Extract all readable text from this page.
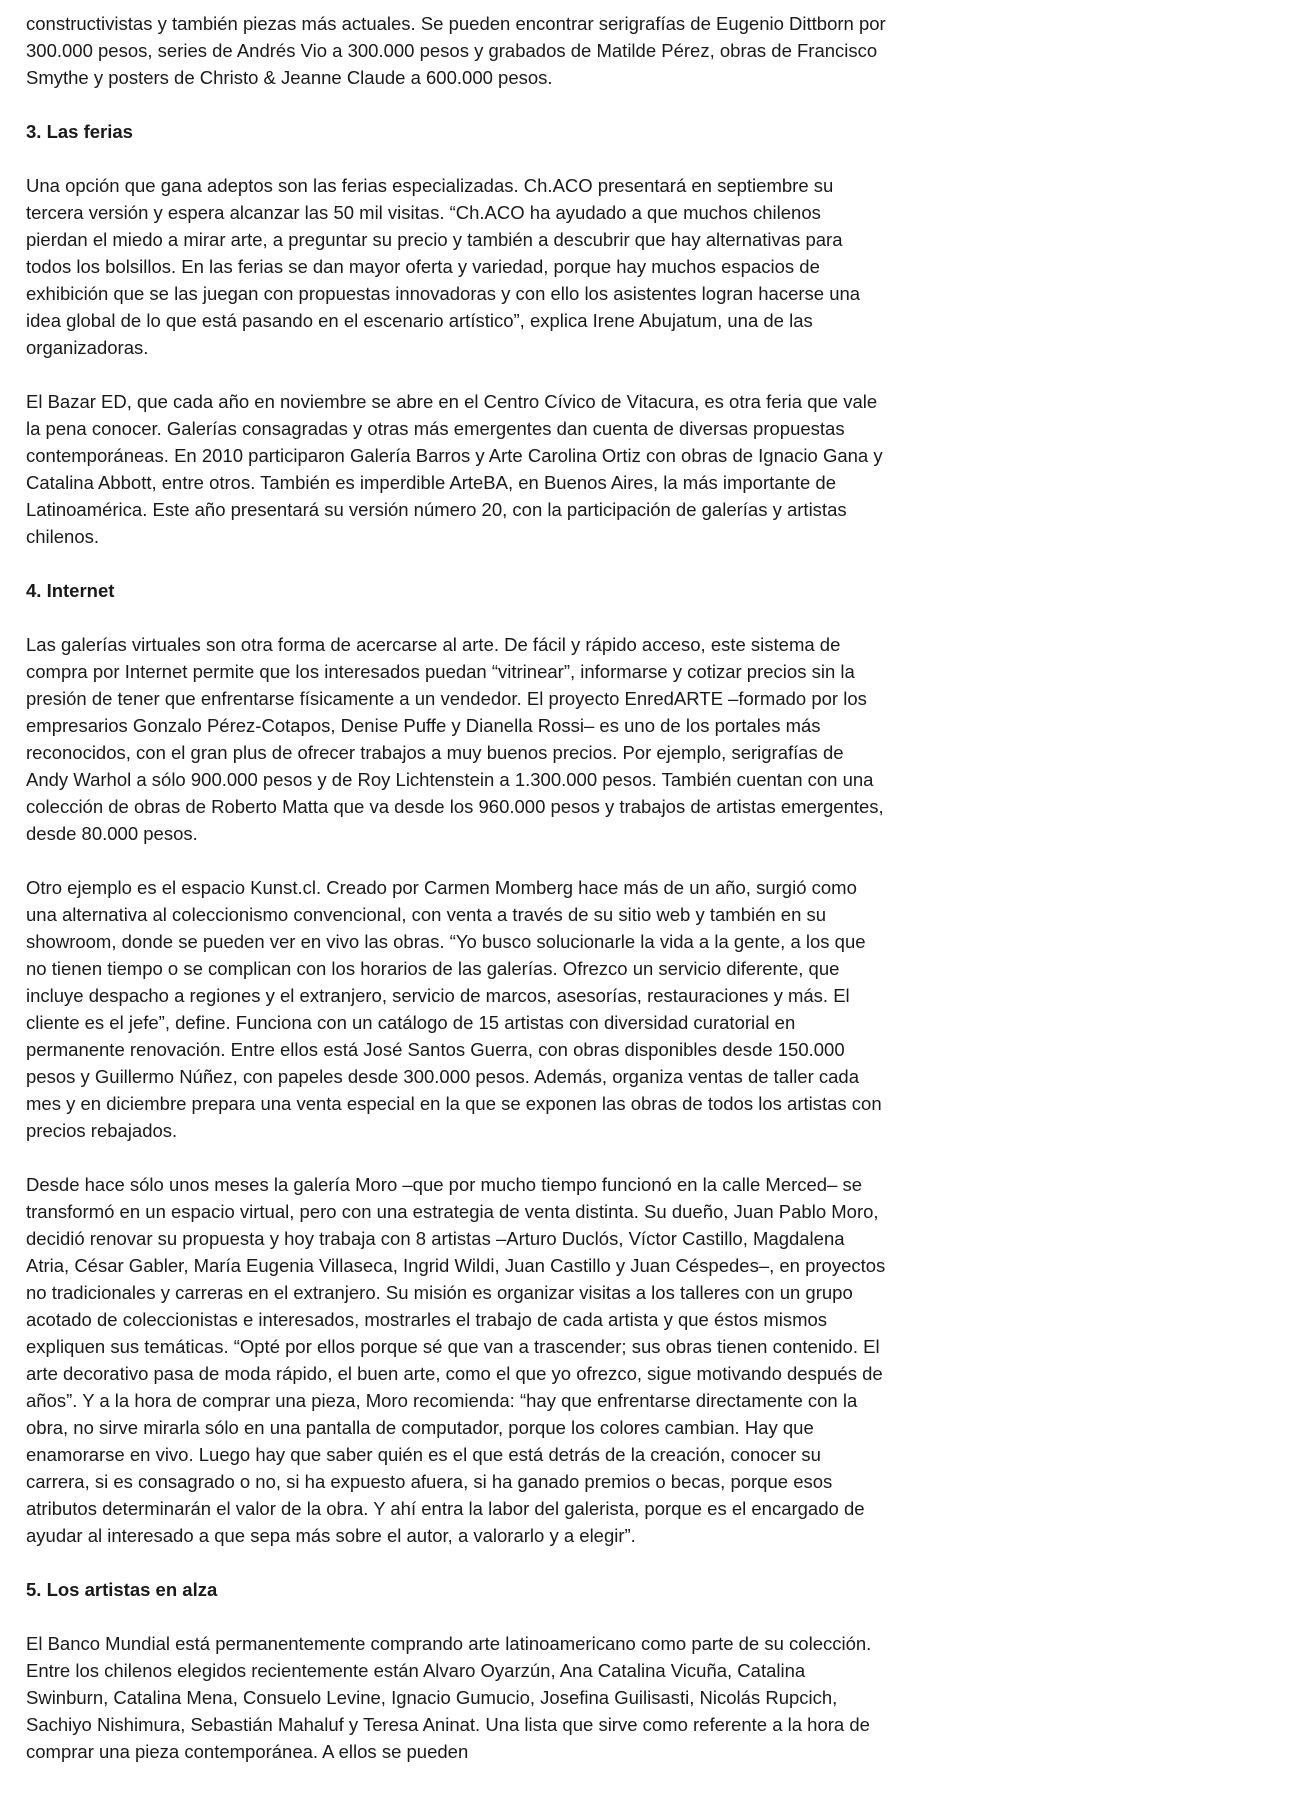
constructivistas y también piezas más actuales. Se pueden encontrar serigrafías de Eugenio Dittborn por 300.000 pesos, series de Andrés Vio a 300.000 pesos y grabados de Matilde Pérez, obras de Francisco Smythe y posters de Christo & Jeanne Claude a 600.000 pesos.

3. Las ferias

Una opción que gana adeptos son las ferias especializadas. Ch.ACO presentará en septiembre su tercera versión y espera alcanzar las 50 mil visitas. “Ch.ACO ha ayudado a que muchos chilenos pierdan el miedo a mirar arte, a preguntar su precio y también a descubrir que hay alternativas para todos los bolsillos. En las ferias se dan mayor oferta y variedad, porque hay muchos espacios de exhibición que se las juegan con propuestas innovadoras y con ello los asistentes logran hacerse una idea global de lo que está pasando en el escenario artístico”, explica Irene Abujatum, una de las organizadoras.

El Bazar ED, que cada año en noviembre se abre en el Centro Cívico de Vitacura, es otra feria que vale la pena conocer. Galerías consagradas y otras más emergentes dan cuenta de diversas propuestas contemporáneas. En 2010 participaron Galería Barros y Arte Carolina Ortiz con obras de Ignacio Gana y Catalina Abbott, entre otros. También es imperdible ArteBA, en Buenos Aires, la más importante de Latinoamérica. Este año presentará su versión número 20, con la participación de galerías y artistas chilenos.

4. Internet

Las galerías virtuales son otra forma de acercarse al arte. De fácil y rápido acceso, este sistema de compra por Internet permite que los interesados puedan “vitrinear”, informarse y cotizar precios sin la presión de tener que enfrentarse físicamente a un vendedor. El proyecto EnredARTE –formado por los empresarios Gonzalo Pérez-Cotapos, Denise Puffe y Dianella Rossi– es uno de los portales más reconocidos, con el gran plus de ofrecer trabajos a muy buenos precios. Por ejemplo, serigrafías de Andy Warhol a sólo 900.000 pesos y de Roy Lichtenstein a 1.300.000 pesos. También cuentan con una colección de obras de Roberto Matta que va desde los 960.000 pesos y trabajos de artistas emergentes, desde 80.000 pesos.

Otro ejemplo es el espacio Kunst.cl. Creado por Carmen Momberg hace más de un año, surgió como una alternativa al coleccionismo convencional, con venta a través de su sitio web y también en su showroom, donde se pueden ver en vivo las obras. “Yo busco solucionarle la vida a la gente, a los que no tienen tiempo o se complican con los horarios de las galerías. Ofrezco un servicio diferente, que incluye despacho a regiones y el extranjero, servicio de marcos, asesorías, restauraciones y más. El cliente es el jefe”, define. Funciona con un catálogo de 15 artistas con diversidad curatorial en permanente renovación. Entre ellos está José Santos Guerra, con obras disponibles desde 150.000 pesos y Guillermo Núñez, con papeles desde 300.000 pesos. Además, organiza ventas de taller cada mes y en diciembre prepara una venta especial en la que se exponen las obras de todos los artistas con precios rebajados.

Desde hace sólo unos meses la galería Moro –que por mucho tiempo funcionó en la calle Merced– se transformó en un espacio virtual, pero con una estrategia de venta distinta. Su dueño, Juan Pablo Moro, decidió renovar su propuesta y hoy trabaja con 8 artistas –Arturo Duclós, Víctor Castillo, Magdalena Atria, César Gabler, María Eugenia Villaseca, Ingrid Wildi, Juan Castillo y Juan Céspedes–, en proyectos no tradicionales y carreras en el extranjero. Su misión es organizar visitas a los talleres con un grupo acotado de coleccionistas e interesados, mostrarles el trabajo de cada artista y que éstos mismos expliquen sus temáticas. “Opté por ellos porque sé que van a trascender; sus obras tienen contenido. El arte decorativo pasa de moda rápido, el buen arte, como el que yo ofrezco, sigue motivando después de años”. Y a la hora de comprar una pieza, Moro recomienda: “hay que enfrentarse directamente con la obra, no sirve mirarla sólo en una pantalla de computador, porque los colores cambian. Hay que enamorarse en vivo. Luego hay que saber quién es el que está detrás de la creación, conocer su carrera, si es consagrado o no, si ha expuesto afuera, si ha ganado premios o becas, porque esos atributos determinarán el valor de la obra. Y ahí entra la labor del galerista, porque es el encargado de ayudar al interesado a que sepa más sobre el autor, a valorarlo y a elegir”.

5. Los artistas en alza

El Banco Mundial está permanentemente comprando arte latinoamericano como parte de su colección. Entre los chilenos elegidos recientemente están Alvaro Oyarzún, Ana Catalina Vicuña, Catalina Swinburn, Catalina Mena, Consuelo Levine, Ignacio Gumucio, Josefina Guilisasti, Nicolás Rupcich, Sachiyo Nishimura, Sebastián Mahaluf y Teresa Aninat. Una lista que sirve como referente a la hora de comprar una pieza contemporánea. A ellos se pueden
